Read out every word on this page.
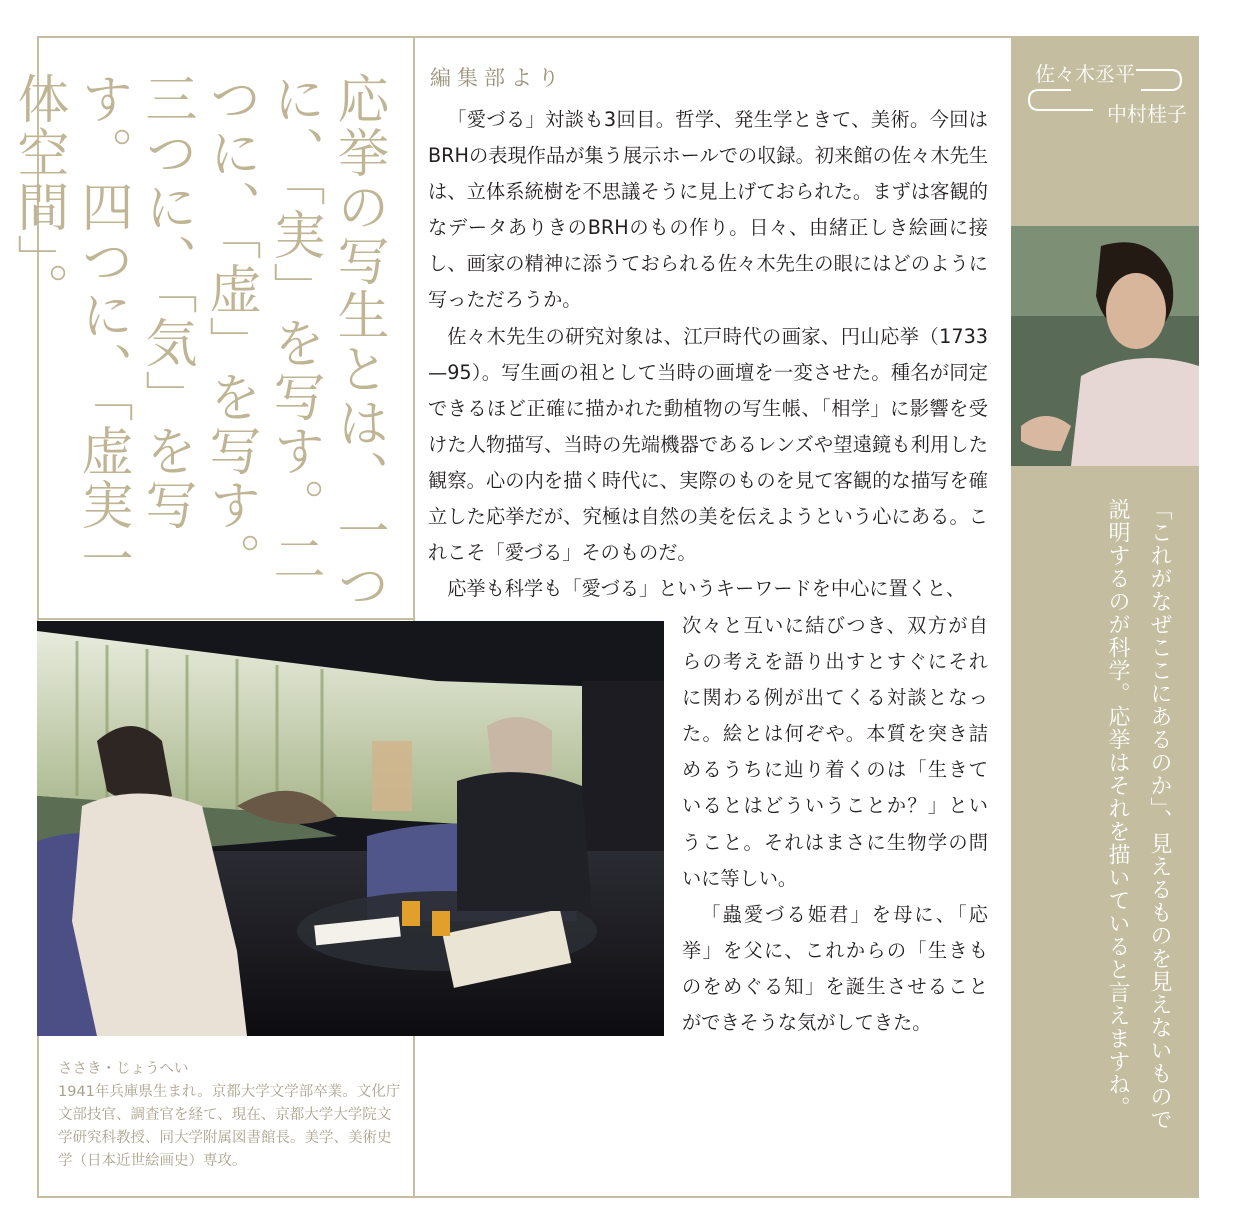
応挙の写生とは、一つに、「実」を写す。二つに、「虚」を写す。三つに、「気」を写す。四つに、「虚実一体空間」。
ささき・じょうへい
1941年兵庫県生まれ。京都大学文学部卒業。文化庁文部技官、調査官を経て、現在、京都大学大学院文学研究科教授、同大学附属図書館長。美学、美術史学（日本近世絵画史）専攻。
編集部より

「愛づる」対談も3回目。哲学、発生学ときて、美術。今回はBRHの表現作品が集う展示ホールでの収録。初来館の佐々木先生は、立体系統樹を不思議そうに見上げておられた。まずは客観的なデータありきのBRHのもの作り。日々、由緒正しき絵画に接し、画家の精神に添うておられる佐々木先生の眼にはどのように写っただろうか。

佐々木先生の研究対象は、江戸時代の画家、円山応挙（1733—95）。写生画の祖として当時の画壇を一変させた。種名が同定できるほど正確に描かれた動植物の写生帳、「相学」に影響を受けた人物描写、当時の先端機器であるレンズや望遠鏡も利用した観察。心の内を描く時代に、実際のものを見て客観的な描写を確立した応挙だが、究極は自然の美を伝えようという心にある。これこそ「愛づる」そのものだ。

応挙も科学も「愛づる」というキーワードを中心に置くと、

次々と互いに結びつき、双方が自らの考えを語り出すとすぐにそれに関わる例が出てくる対談となった。絵とは何ぞや。本質を突き詰めるうちに辿り着くのは「生きているとはどういうことか？」ということ。それはまさに生物学の問いに等しい。

「蟲愛づる姫君」を母に、「応挙」を父に、これからの「生きものをめぐる知」を誕生させることができそうな気がしてきた。

佐々木丞平
中村桂子
「これがなぜここにあるのか」、見えるものを見えないもので説明するのが科学。応挙はそれを描いていると言えますね。
